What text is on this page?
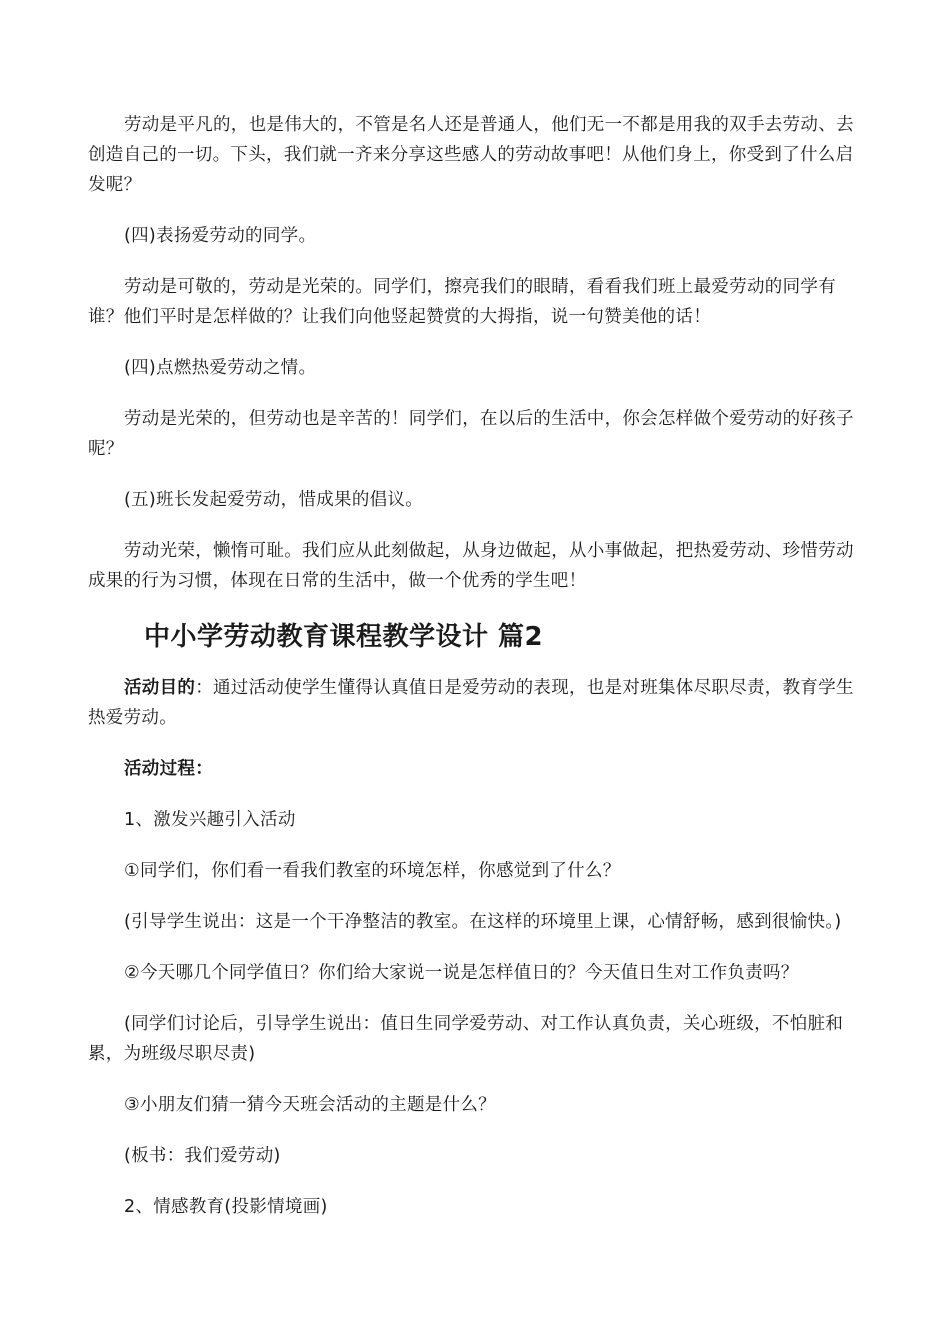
劳动是平凡的，也是伟大的，不管是名人还是普通人，他们无一不都是用我的双手去劳动、去创造自己的一切。下头，我们就一齐来分享这些感人的劳动故事吧！从他们身上，你受到了什么启发呢？

(四)表扬爱劳动的同学。

劳动是可敬的，劳动是光荣的。同学们，擦亮我们的眼睛，看看我们班上最爱劳动的同学有谁？他们平时是怎样做的？让我们向他竖起赞赏的大拇指，说一句赞美他的话！

(四)点燃热爱劳动之情。

劳动是光荣的，但劳动也是辛苦的！同学们，在以后的生活中，你会怎样做个爱劳动的好孩子呢？

(五)班长发起爱劳动，惜成果的倡议。

劳动光荣，懒惰可耻。我们应从此刻做起，从身边做起，从小事做起，把热爱劳动、珍惜劳动成果的行为习惯，体现在日常的生活中，做一个优秀的学生吧！

中小学劳动教育课程教学设计 篇2

活动目的：通过活动使学生懂得认真值日是爱劳动的表现，也是对班集体尽职尽责，教育学生热爱劳动。

活动过程：

1、激发兴趣引入活动

①同学们，你们看一看我们教室的环境怎样，你感觉到了什么？

(引导学生说出：这是一个干净整洁的教室。在这样的环境里上课，心情舒畅，感到很愉快。)

②今天哪几个同学值日？你们给大家说一说是怎样值日的？今天值日生对工作负责吗？

(同学们讨论后，引导学生说出：值日生同学爱劳动、对工作认真负责，关心班级，不怕脏和累，为班级尽职尽责)

③小朋友们猜一猜今天班会活动的主题是什么？

(板书：我们爱劳动)

2、情感教育(投影情境画)
